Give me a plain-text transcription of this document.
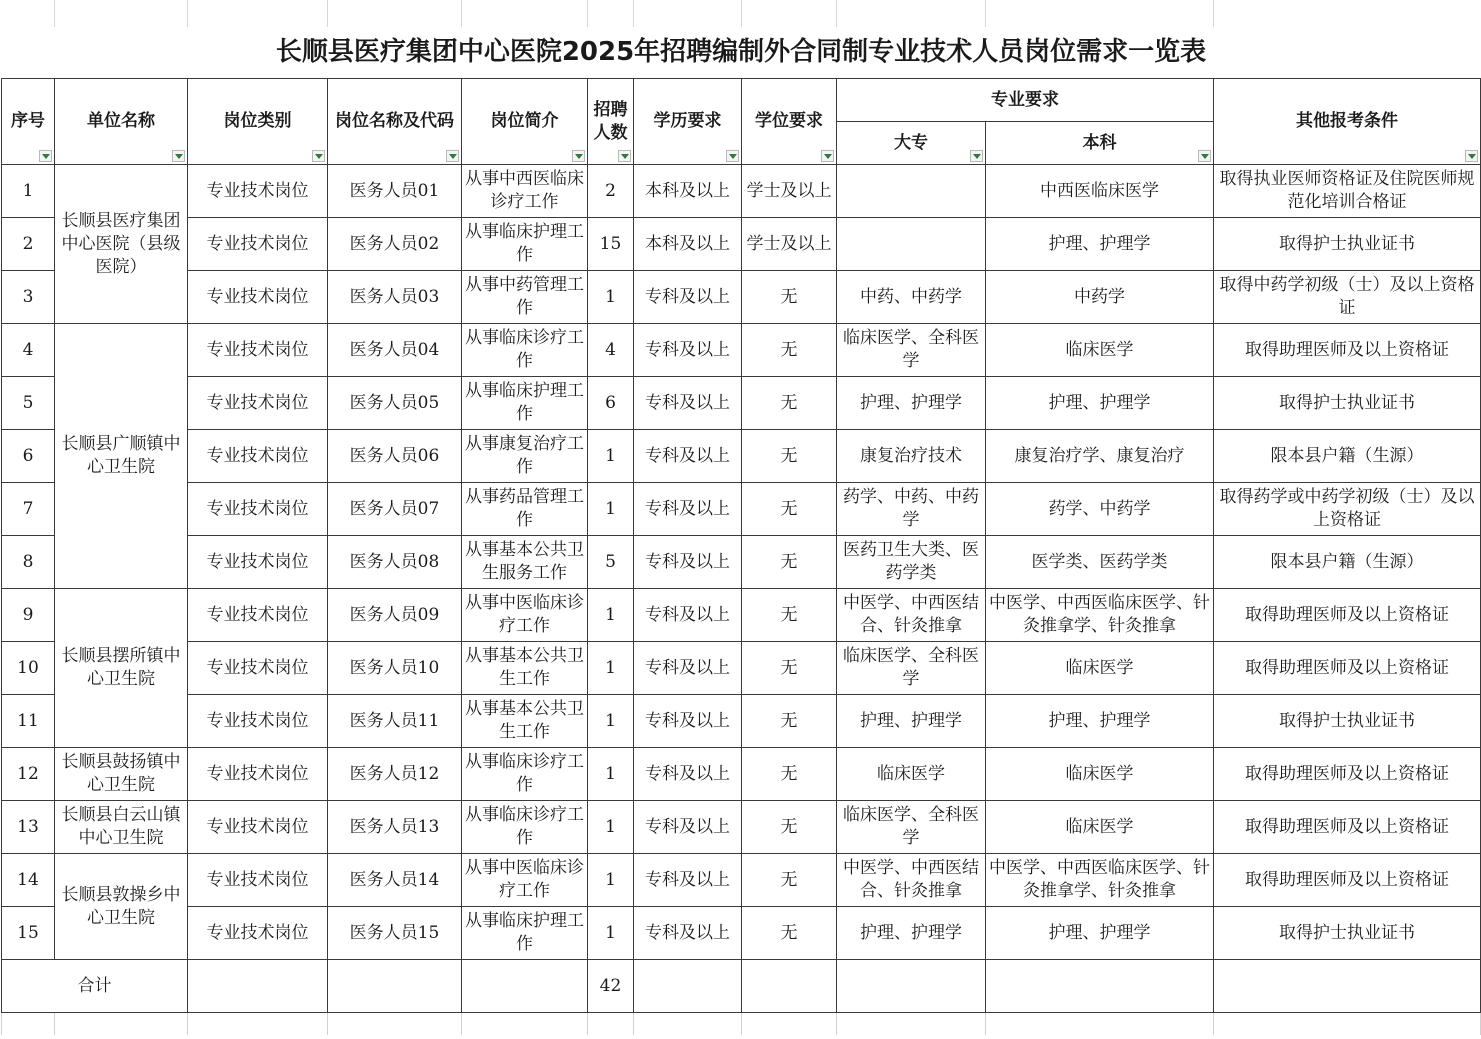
长顺县医疗集团中心医院2025年招聘编制外合同制专业技术人员岗位需求一览表										
序号	单位名称	岗位类别	岗位名称及代码	岗位简介	招聘人数	学历要求	学位要求	专业要求		其他报考条件

								大专	本科	

1	长顺县医疗集团中心医院（县级医院）	专业技术岗位	医务人员01	从事中西医临床诊疗工作	2	本科及以上	学士及以上		中西医临床医学	取得执业医师资格证及住院医师规范化培训合格证
2		专业技术岗位	医务人员02	从事临床护理工作	15	本科及以上	学士及以上		护理、护理学	取得护士执业证书
3		专业技术岗位	医务人员03	从事中药管理工作	1	专科及以上	无	中药、中药学	中药学	取得中药学初级（士）及以上资格证
4	长顺县广顺镇中心卫生院	专业技术岗位	医务人员04	从事临床诊疗工作	4	专科及以上	无	临床医学、全科医学	临床医学	取得助理医师及以上资格证
5		专业技术岗位	医务人员05	从事临床护理工作	6	专科及以上	无	护理、护理学	护理、护理学	取得护士执业证书
6		专业技术岗位	医务人员06	从事康复治疗工作	1	专科及以上	无	康复治疗技术	康复治疗学、康复治疗	限本县户籍（生源）
7		专业技术岗位	医务人员07	从事药品管理工作	1	专科及以上	无	药学、中药、中药学	药学、中药学	取得药学或中药学初级（士）及以上资格证
8		专业技术岗位	医务人员08	从事基本公共卫生服务工作	5	专科及以上	无	医药卫生大类、医药学类	医学类、医药学类	限本县户籍（生源）
9	长顺县摆所镇中心卫生院	专业技术岗位	医务人员09	从事中医临床诊疗工作	1	专科及以上	无	中医学、中西医结合、针灸推拿	中医学、中西医临床医学、针灸推拿学、针灸推拿	取得助理医师及以上资格证
10		专业技术岗位	医务人员10	从事基本公共卫生工作	1	专科及以上	无	临床医学、全科医学	临床医学	取得助理医师及以上资格证
11		专业技术岗位	医务人员11	从事基本公共卫生工作	1	专科及以上	无	护理、护理学	护理、护理学	取得护士执业证书
12	长顺县鼓扬镇中心卫生院	专业技术岗位	医务人员12	从事临床诊疗工作	1	专科及以上	无	临床医学	临床医学	取得助理医师及以上资格证
13	长顺县白云山镇中心卫生院	专业技术岗位	医务人员13	从事临床诊疗工作	1	专科及以上	无	临床医学、全科医学	临床医学	取得助理医师及以上资格证
14	长顺县敦操乡中心卫生院	专业技术岗位	医务人员14	从事中医临床诊疗工作	1	专科及以上	无	中医学、中西医结合、针灸推拿	中医学、中西医临床医学、针灸推拿学、针灸推拿	取得助理医师及以上资格证
15		专业技术岗位	医务人员15	从事临床护理工作	1	专科及以上	无	护理、护理学	护理、护理学	取得护士执业证书
合计					42					
